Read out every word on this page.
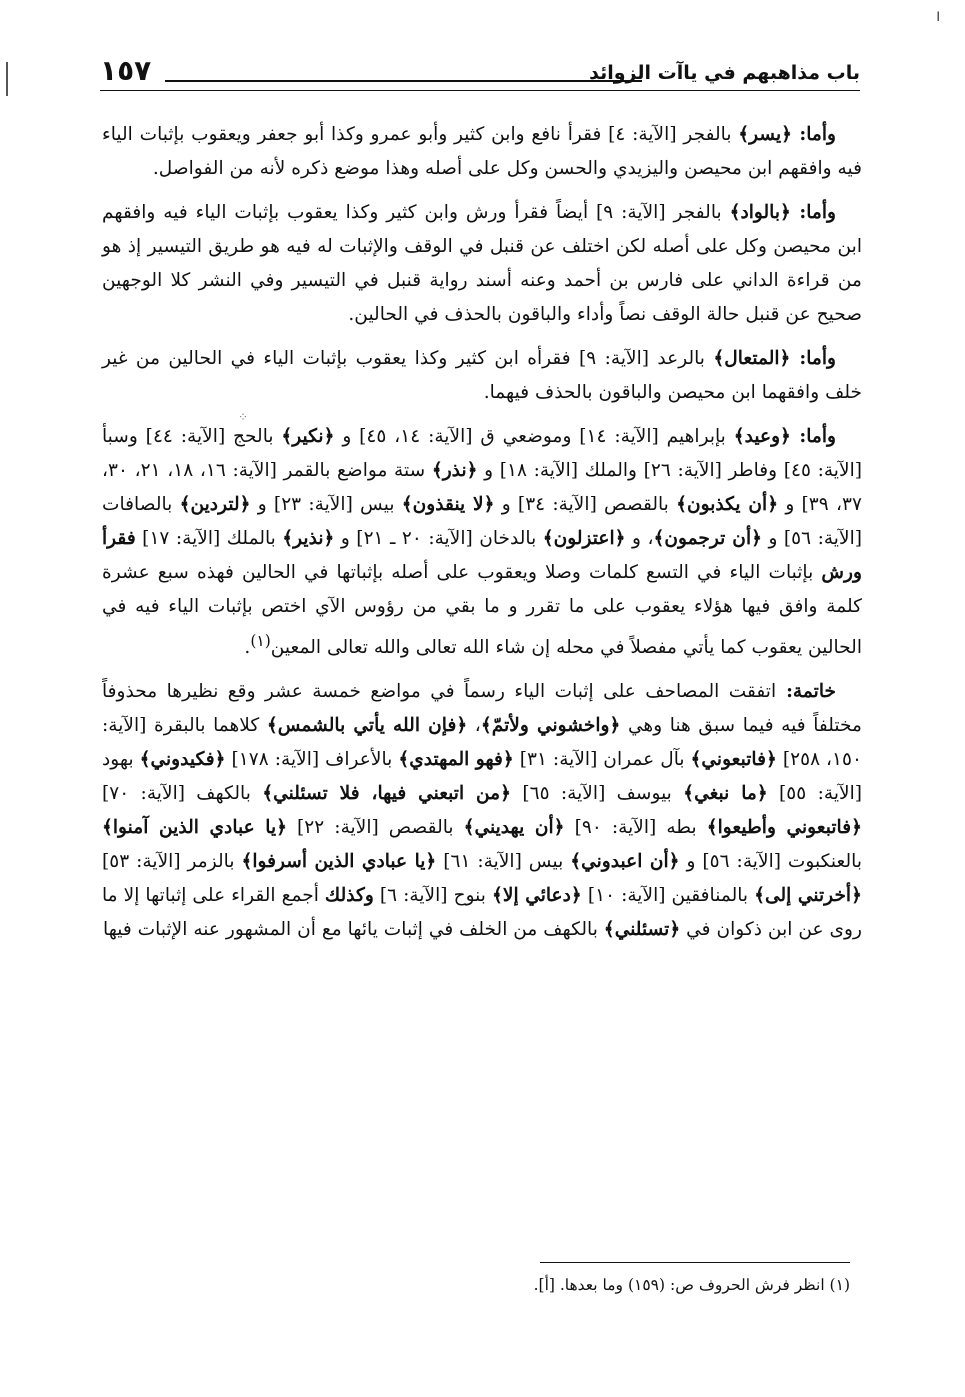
╷
باب مذاهبهم في ياآت الزوائد
١٥٧

وأما: ﴿يسر﴾ بالفجر [الآية: ٤] فقرأ نافع وابن كثير وأبو عمرو وكذا أبو جعفر ويعقوب بإثبات الياء فيه وافقهم ابن محيصن واليزيدي والحسن وكل على أصله وهذا موضع ذكره لأنه من الفواصل.

وأما: ﴿بالواد﴾ بالفجر [الآية: ٩] أيضاً فقرأ ورش وابن كثير وكذا يعقوب بإثبات الياء فيه وافقهم ابن محيصن وكل على أصله لكن اختلف عن قنبل في الوقف والإثبات له فيه هو طريق التيسير إذ هو من قراءة الداني على فارس بن أحمد وعنه أسند رواية قنبل في التيسير وفي النشر كلا الوجهين صحيح عن قنبل حالة الوقف نصاً وأداء والباقون بالحذف في الحالين.

وأما: ﴿المتعال﴾ بالرعد [الآية: ٩] فقرأه ابن كثير وكذا يعقوب بإثبات الياء في الحالين من غير خلف وافقهما ابن محيصن والباقون بالحذف فيهما.

وأما: ﴿وعيد﴾ بإبراهيم [الآية: ١٤] وموضعي ق [الآية: ١٤، ٤٥] و ﴿نكير﴾ بالحج [الآية: ٤٤] وسبأ [الآية: ٤٥] وفاطر [الآية: ٢٦] والملك [الآية: ١٨] و ﴿نذر﴾ ستة مواضع بالقمر [الآية: ١٦، ١٨، ٢١، ٣٠، ٣٧، ٣٩] و ﴿أن يكذبون﴾ بالقصص [الآية: ٣٤] و ﴿لا ينقذون﴾ بيس [الآية: ٢٣] و ﴿لتردين﴾ بالصافات [الآية: ٥٦] و ﴿أن ترجمون﴾، و ﴿اعتزلون﴾ بالدخان [الآية: ٢٠ ـ ٢١] و ﴿نذير﴾ بالملك [الآية: ١٧] فقرأ ورش بإثبات الياء في التسع كلمات وصلا ويعقوب على أصله بإثباتها في الحالين فهذه سبع عشرة كلمة وافق فيها هؤلاء يعقوب على ما تقرر و ما بقي من رؤوس الآي اختص بإثبات الياء فيه في الحالين يعقوب كما يأتي مفصلاً في محله إن شاء الله تعالى والله تعالى المعين$^{(١)}$.

خاتمة: اتفقت المصاحف على إثبات الياء رسماً في مواضع خمسة عشر وقع نظيرها محذوفاً مختلفاً فيه فيما سبق هنا وهي ﴿واخشوني ولأتمّ﴾، ﴿فإن الله يأتي بالشمس﴾ كلاهما بالبقرة [الآية: ١٥٠، ٢٥٨] ﴿فاتبعوني﴾ بآل عمران [الآية: ٣١] ﴿فهو المهتدي﴾ بالأعراف [الآية: ١٧٨] ﴿فكيدوني﴾ بهود [الآية: ٥٥] ﴿ما نبغي﴾ بيوسف [الآية: ٦٥] ﴿من اتبعني فيها، فلا تسئلني﴾ بالكهف [الآية: ٧٠] ﴿فاتبعوني وأطيعوا﴾ بطه [الآية: ٩٠] ﴿أن يهديني﴾ بالقصص [الآية: ٢٢] ﴿يا عبادي الذين آمنوا﴾ بالعنكبوت [الآية: ٥٦] و ﴿أن اعبدوني﴾ بيس [الآية: ٦١] ﴿يا عبادي الذين أسرفوا﴾ بالزمر [الآية: ٥٣] ﴿أخرتني إلى﴾ بالمنافقين [الآية: ١٠] ﴿دعائي إلا﴾ بنوح [الآية: ٦] وكذلك أجمع القراء على إثباتها إلا ما روى عن ابن ذكوان في ﴿تسئلني﴾ بالكهف من الخلف في إثبات يائها مع أن المشهور عنه الإثبات فيها

⁘
(١) انظر فرش الحروف ص: (١٥٩) وما بعدها. [أ].
